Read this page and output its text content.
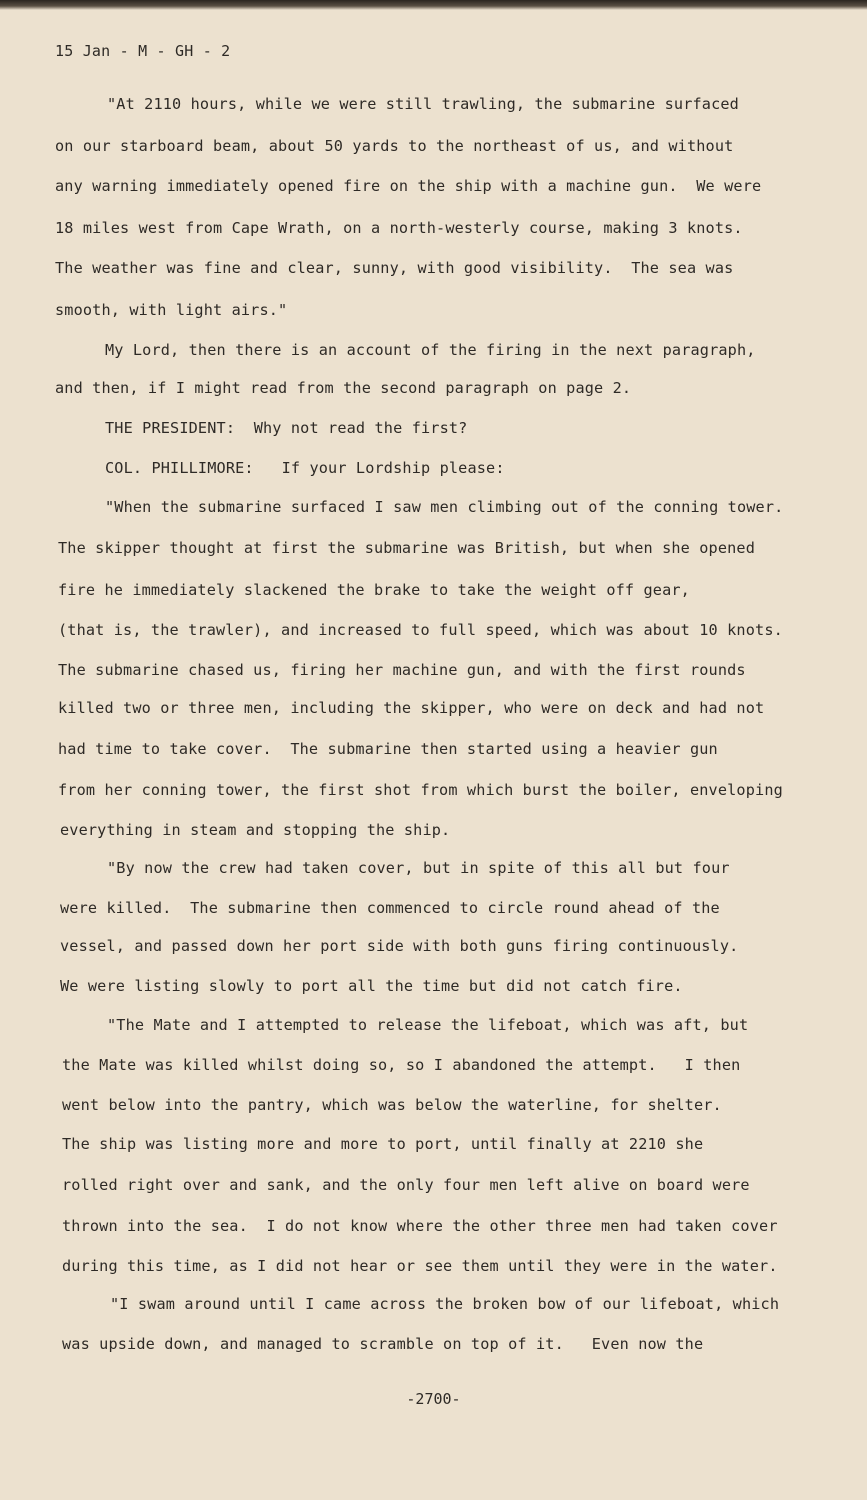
15 Jan - M - GH - 2
"At 2110 hours, while we were still trawling, the submarine surfaced
on our starboard beam, about 50 yards to the northeast of us, and without
any warning immediately opened fire on the ship with a machine gun.  We were
18 miles west from Cape Wrath, on a north-westerly course, making 3 knots.
The weather was fine and clear, sunny, with good visibility.  The sea was
smooth, with light airs."
My Lord, then there is an account of the firing in the next paragraph,
and then, if I might read from the second paragraph on page 2.
THE PRESIDENT:  Why not read the first?
COL. PHILLIMORE:   If your Lordship please:
"When the submarine surfaced I saw men climbing out of the conning tower.
The skipper thought at first the submarine was British, but when she opened
fire he immediately slackened the brake to take the weight off gear,
(that is, the trawler), and increased to full speed, which was about 10 knots.
The submarine chased us, firing her machine gun, and with the first rounds
killed two or three men, including the skipper, who were on deck and had not
had time to take cover.  The submarine then started using a heavier gun
from her conning tower, the first shot from which burst the boiler, enveloping
everything in steam and stopping the ship.
"By now the crew had taken cover, but in spite of this all but four
were killed.  The submarine then commenced to circle round ahead of the
vessel, and passed down her port side with both guns firing continuously.
We were listing slowly to port all the time but did not catch fire.
"The Mate and I attempted to release the lifeboat, which was aft, but
the Mate was killed whilst doing so, so I abandoned the attempt.   I then
went below into the pantry, which was below the waterline, for shelter.
The ship was listing more and more to port, until finally at 2210 she
rolled right over and sank, and the only four men left alive on board were
thrown into the sea.  I do not know where the other three men had taken cover
during this time, as I did not hear or see them until they were in the water.
"I swam around until I came across the broken bow of our lifeboat, which
was upside down, and managed to scramble on top of it.   Even now the
-2700-
